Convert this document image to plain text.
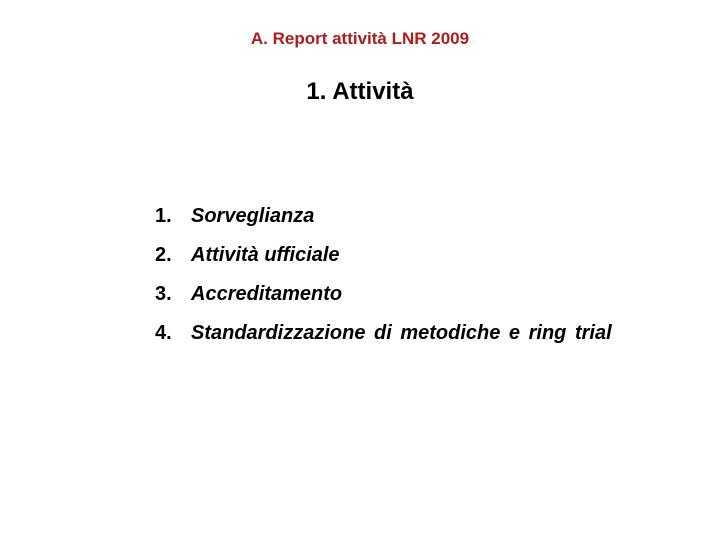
A. Report attività LNR 2009
1. Attività
1. Sorveglianza
2. Attività ufficiale
3. Accreditamento
4. Standardizzazione di metodiche e ring trial
